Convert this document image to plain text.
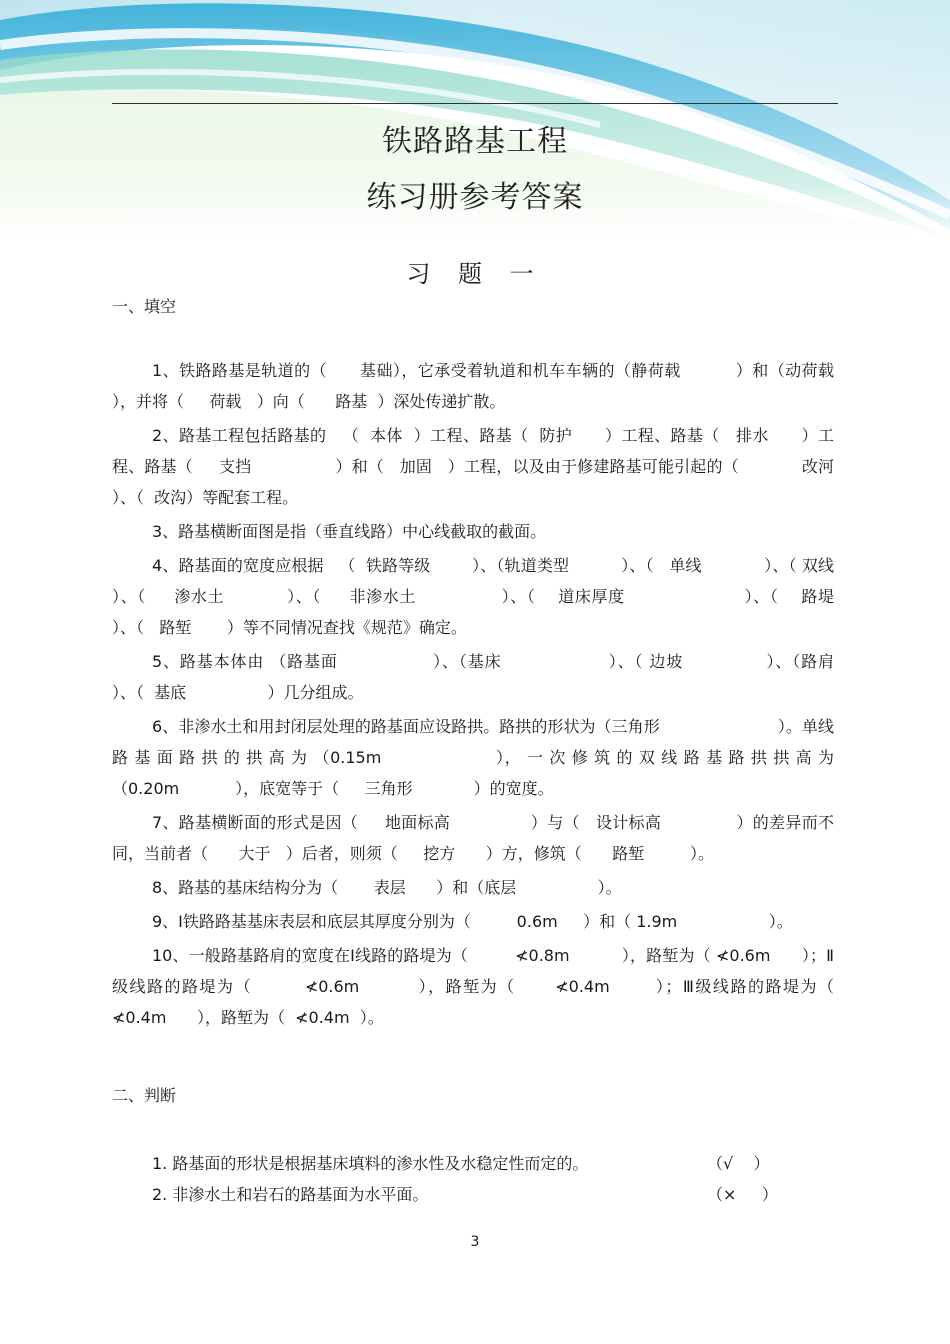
铁路路基工程
练习册参考答案
习 题 一
一、填空

1、铁路路基是轨道的（      基础），它承受着轨道和机车车辆的（静荷载          ）和（动荷载 ），并将（     荷载   ）向（      路基  ）深处传递扩散。

2、路基工程包括路基的   （  本体  ）工程、路基（  防护      ）工程、路基（   排水      ）工程、路基（     支挡                ）和（   加固   ）工程，以及由于修建路基可能引起的（            改河 ）、（  改沟）等配套工程。

3、路基横断面图是指（垂直线路）中心线截取的截面。

4、路基面的宽度应根据   （  铁路等级        ）、（轨道类型          ）、（   单线            ）、（ 双线           ）、（     渗水土           ）、（     非渗水土               ）、（    道床厚度                     ）、（    路堤               ）、（   路堑       ）等不同情况查找《规范》确定。

5、路基本体由 （路基面                ）、（基床                  ）、（ 边坡              ）、（路肩                 ）、（  基底                ）几分组成。

6、非渗水土和用封闭层处理的路基面应设路拱。路拱的形状为（三角形                       ）。单线 路 基 面 路 拱 的 拱 高 为 （0.15m                    ）， 一 次 修 筑 的 双 线 路 基 路 拱 拱 高 为 （0.20m           ），底宽等于（     三角形            ）的宽度。

7、路基横断面的形式是因（     地面标高               ）与（   设计标高              ）的差异而不同，当前者（      大于   ）后者，则须（     挖方      ）方，修筑（      路堑         ）。

8、路基的基床结构分为（       表层      ）和（底层                ）。

9、Ⅰ铁路路基基床表层和底层其厚度分别为（         0.6m     ）和（ 1.9m                  ）。

10、一般路基路肩的宽度在Ⅰ线路的路堤为（         ≮0.8m          ），路堑为（ ≮0.6m      ）；Ⅱ级线路的路堤为（        ≮0.6m         ），路堑为（      ≮0.4m       ）；Ⅲ级线路的路堤为（          ≮0.4m      ），路堑为（  ≮0.4m  ）。

二、判断
1. 路基面的形状是根据基床填料的渗水性及水稳定性而定的。	（√    ）
2. 非渗水土和岩石的路基面为水平面。	（×     ）
3
